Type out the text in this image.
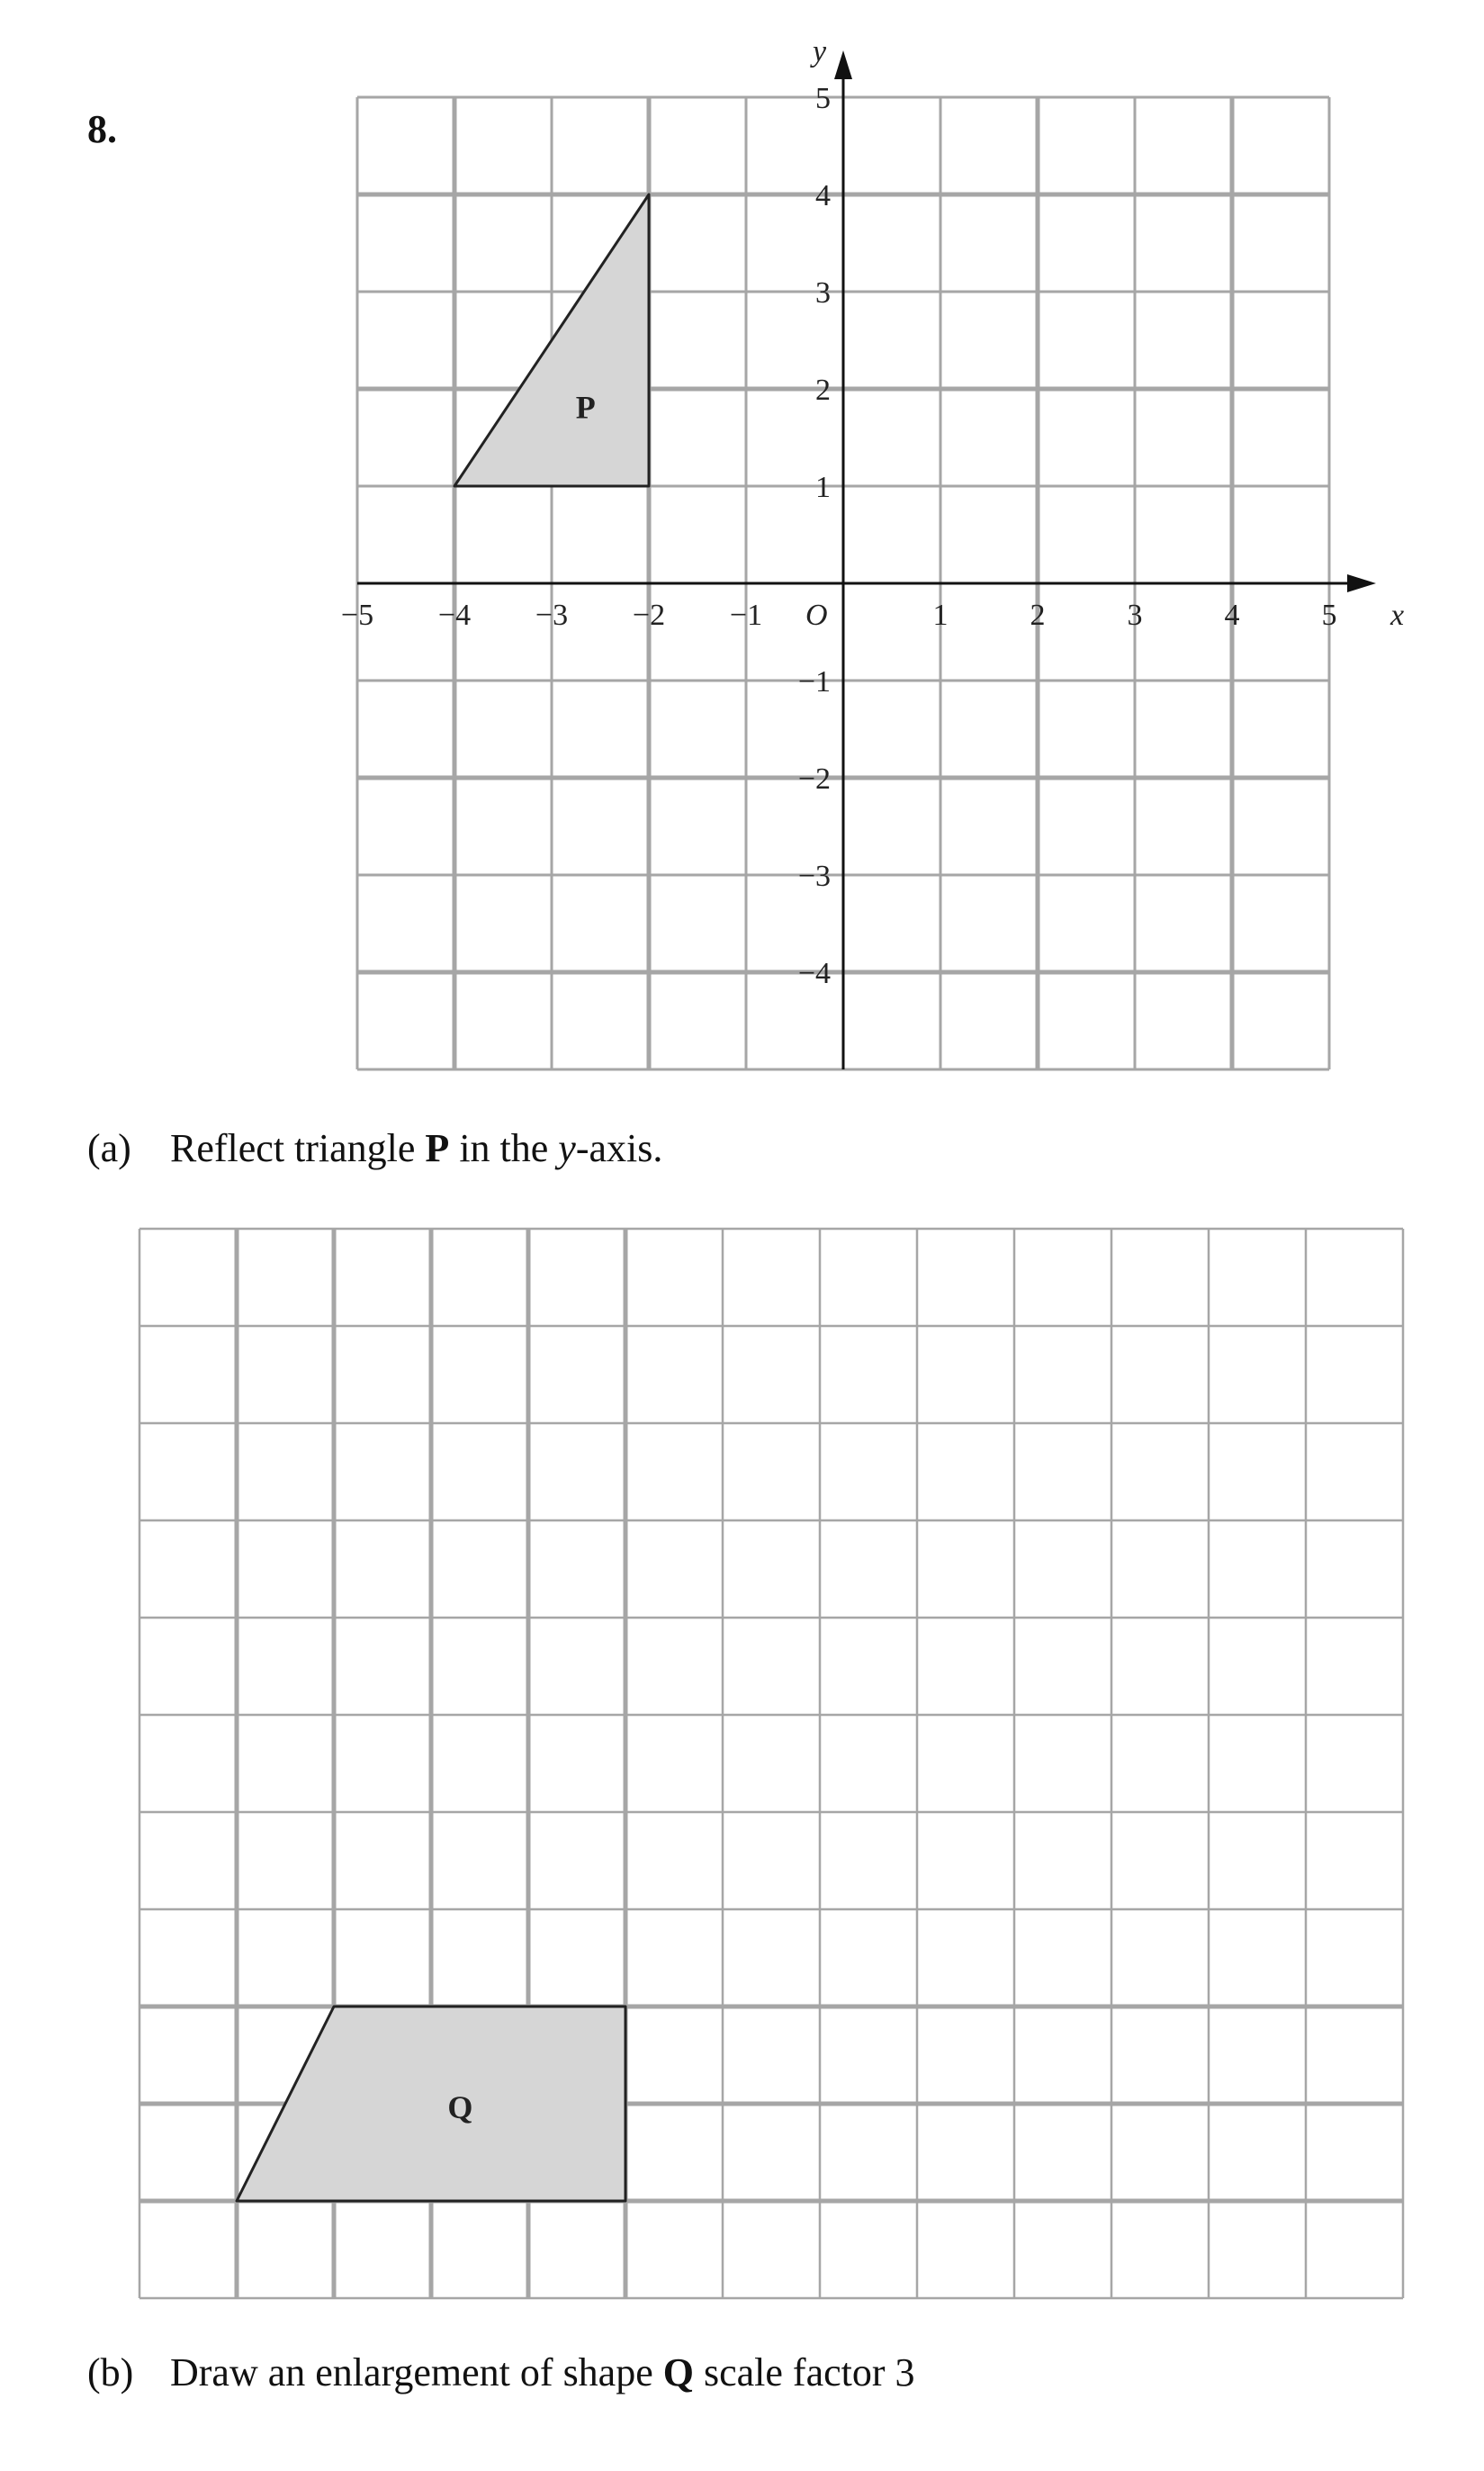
8.
P
−5 −4 −3 −2 −1	1	2	3	4	5
5
4
3
2
1
−1
−2
−3
−4
x
y
O
Q
(a) Reflect triangle P in the y-axis.
(b) Draw an enlargement of shape Q scale factor 3
